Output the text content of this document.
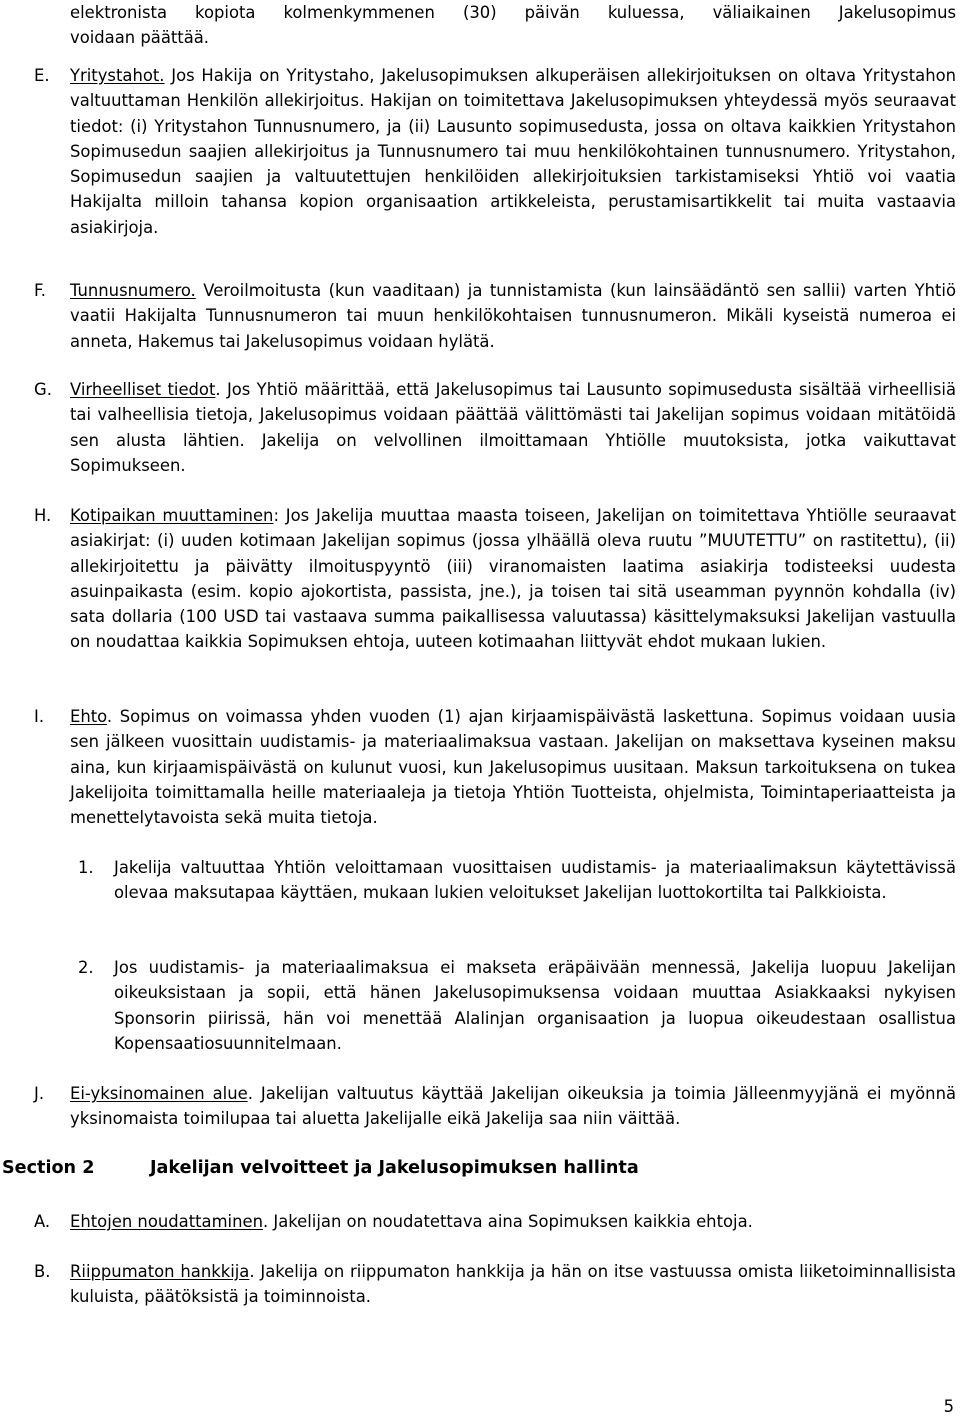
elektronista kopiota kolmenkymmenen (30) päivän kuluessa, väliaikainen Jakelusopimus

voidaan päättää.

E. Yritystahot. Jos Hakija on Yritystaho, Jakelusopimuksen alkuperäisen allekirjoituksen on oltava Yritystahon valtuuttaman Henkilön allekirjoitus. Hakijan on toimitettava Jakelusopimuksen yhteydessä myös seuraavat tiedot: (i) Yritystahon Tunnusnumero, ja (ii) Lausunto sopimusedusta, jossa on oltava kaikkien Yritystahon Sopimusedun saajien allekirjoitus ja Tunnusnumero tai muu henkilökohtainen tunnusnumero. Yritystahon, Sopimusedun saajien ja valtuutettujen henkilöiden allekirjoituksien tarkistamiseksi Yhtiö voi vaatia Hakijalta milloin tahansa kopion organisaation artikkeleista, perustamisartikkelit tai muita vastaavia asiakirjoja.

F. Tunnusnumero. Veroilmoitusta (kun vaaditaan) ja tunnistamista (kun lainsäädäntö sen sallii) varten Yhtiö vaatii Hakijalta Tunnusnumeron tai muun henkilökohtaisen tunnusnumeron. Mikäli kyseistä numeroa ei anneta, Hakemus tai Jakelusopimus voidaan hylätä.

G. Virheelliset tiedot. Jos Yhtiö määrittää, että Jakelusopimus tai Lausunto sopimusedusta sisältää virheellisiä tai valheellisia tietoja, Jakelusopimus voidaan päättää välittömästi tai Jakelijan sopimus voidaan mitätöidä sen alusta lähtien. Jakelija on velvollinen ilmoittamaan Yhtiölle muutoksista, jotka vaikuttavat Sopimukseen.

H. Kotipaikan muuttaminen: Jos Jakelija muuttaa maasta toiseen, Jakelijan on toimitettava Yhtiölle seuraavat asiakirjat: (i) uuden kotimaan Jakelijan sopimus (jossa ylhäällä oleva ruutu ”MUUTETTU” on rastitettu), (ii) allekirjoitettu ja päivätty ilmoituspyyntö (iii) viranomaisten laatima asiakirja todisteeksi uudesta asuinpaikasta (esim. kopio ajokortista, passista, jne.), ja toisen tai sitä useamman pyynnön kohdalla (iv) sata dollaria (100 USD tai vastaava summa paikallisessa valuutassa) käsittelymaksuksi Jakelijan vastuulla on noudattaa kaikkia Sopimuksen ehtoja, uuteen kotimaahan liittyvät ehdot mukaan lukien.

I. Ehto. Sopimus on voimassa yhden vuoden (1) ajan kirjaamispäivästä laskettuna. Sopimus voidaan uusia sen jälkeen vuosittain uudistamis- ja materiaalimaksua vastaan. Jakelijan on maksettava kyseinen maksu aina, kun kirjaamispäivästä on kulunut vuosi, kun Jakelusopimus uusitaan. Maksun tarkoituksena on tukea Jakelijoita toimittamalla heille materiaaleja ja tietoja Yhtiön Tuotteista, ohjelmista, Toimintaperiaatteista ja menettelytavoista sekä muita tietoja.

1. Jakelija valtuuttaa Yhtiön veloittamaan vuosittaisen uudistamis- ja materiaalimaksun käytettävissä olevaa maksutapaa käyttäen, mukaan lukien veloitukset Jakelijan luottokortilta tai Palkkioista.

2. Jos uudistamis- ja materiaalimaksua ei makseta eräpäivään mennessä, Jakelija luopuu Jakelijan oikeuksistaan ja sopii, että hänen Jakelusopimuksensa voidaan muuttaa Asiakkaaksi nykyisen Sponsorin piirissä, hän voi menettää Alalinjan organisaation ja luopua oikeudestaan osallistua Kopensaatiosuunnitelmaan.

J. Ei-yksinomainen alue. Jakelijan valtuutus käyttää Jakelijan oikeuksia ja toimia Jälleenmyyjänä ei myönnä yksinomaista toimilupaa tai aluetta Jakelijalle eikä Jakelija saa niin väittää.

Section 2	Jakelijan velvoitteet ja Jakelusopimuksen hallinta
A. Ehtojen noudattaminen. Jakelijan on noudatettava aina Sopimuksen kaikkia ehtoja.

B. Riippumaton hankkija. Jakelija on riippumaton hankkija ja hän on itse vastuussa omista liiketoiminnallisista kuluista, päätöksistä ja toiminnoista.

5
